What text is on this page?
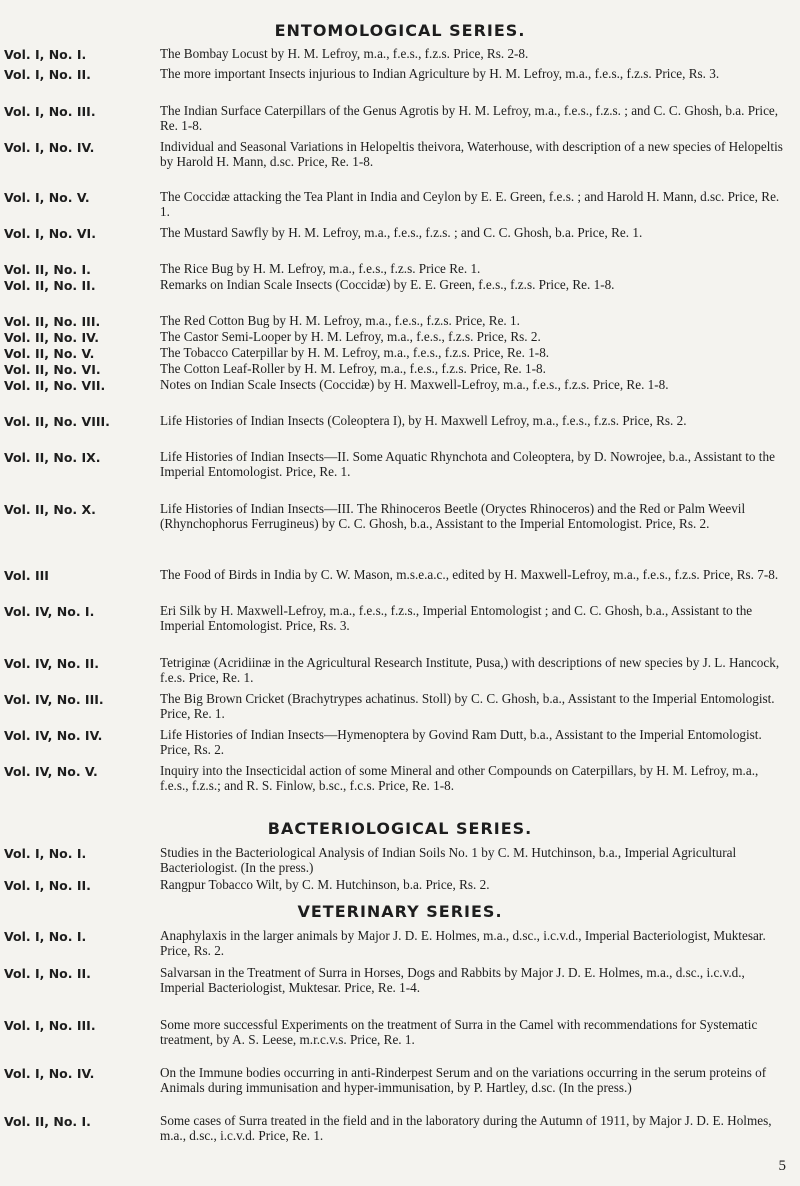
ENTOMOLOGICAL SERIES.
Vol. I, No. I.	The Bombay Locust by H. M. Lefroy, m.a., f.e.s., f.z.s. Price, Rs. 2-8.
Vol. I, No. II.	The more important Insects injurious to Indian Agriculture by H. M. Lefroy, m.a., f.e.s., f.z.s. Price, Rs. 3.
Vol. I, No. III.	The Indian Surface Caterpillars of the Genus Agrotis by H. M. Lefroy, m.a., f.e.s., f.z.s. ; and C. C. Ghosh, b.a. Price, Re. 1-8.
Vol. I, No. IV.	Individual and Seasonal Variations in Helopeltis theivora, Waterhouse, with description of a new species of Helopeltis by Harold H. Mann, d.sc. Price, Re. 1-8.
Vol. I, No. V.	The Coccidæ attacking the Tea Plant in India and Ceylon by E. E. Green, f.e.s. ; and Harold H. Mann, d.sc. Price, Re. 1.
Vol. I, No. VI.	The Mustard Sawfly by H. M. Lefroy, m.a., f.e.s., f.z.s. ; and C. C. Ghosh, b.a. Price, Re. 1.
Vol. II, No. I.	The Rice Bug by H. M. Lefroy, m.a., f.e.s., f.z.s. Price Re. 1.
Vol. II, No. II.	Remarks on Indian Scale Insects (Coccidæ) by E. E. Green, f.e.s., f.z.s. Price, Re. 1-8.
Vol. II, No. III.	The Red Cotton Bug by H. M. Lefroy, m.a., f.e.s., f.z.s. Price, Re. 1.
Vol. II, No. IV.	The Castor Semi-Looper by H. M. Lefroy, m.a., f.e.s., f.z.s. Price, Rs. 2.
Vol. II, No. V.	The Tobacco Caterpillar by H. M. Lefroy, m.a., f.e.s., f.z.s. Price, Re. 1-8.
Vol. II, No. VI.	The Cotton Leaf-Roller by H. M. Lefroy, m.a., f.e.s., f.z.s. Price, Re. 1-8.
Vol. II, No. VII.	Notes on Indian Scale Insects (Coccidæ) by H. Maxwell-Lefroy, m.a., f.e.s., f.z.s. Price, Re. 1-8.
Vol. II, No. VIII.	Life Histories of Indian Insects (Coleoptera I), by H. Maxwell Lefroy, m.a., f.e.s., f.z.s. Price, Rs. 2.
Vol. II, No. IX.	Life Histories of Indian Insects—II. Some Aquatic Rhynchota and Coleoptera, by D. Nowrojee, b.a., Assistant to the Imperial Entomologist. Price, Re. 1.
Vol. II, No. X.	Life Histories of Indian Insects—III. The Rhinoceros Beetle (Oryctes Rhinoceros) and the Red or Palm Weevil (Rhynchophorus Ferrugineus) by C. C. Ghosh, b.a., Assistant to the Imperial Entomologist. Price, Rs. 2.
Vol. III	The Food of Birds in India by C. W. Mason, m.s.e.a.c., edited by H. Maxwell-Lefroy, m.a., f.e.s., f.z.s. Price, Rs. 7-8.
Vol. IV, No. I.	Eri Silk by H. Maxwell-Lefroy, m.a., f.e.s., f.z.s., Imperial Entomologist ; and C. C. Ghosh, b.a., Assistant to the Imperial Entomologist. Price, Rs. 3.
Vol. IV, No. II.	Tetriginæ (Acridiinæ in the Agricultural Research Institute, Pusa,) with descriptions of new species by J. L. Hancock, f.e.s. Price, Re. 1.
Vol. IV, No. III.	The Big Brown Cricket (Brachytrypes achatinus. Stoll) by C. C. Ghosh, b.a., Assistant to the Imperial Entomologist. Price, Re. 1.
Vol. IV, No. IV.	Life Histories of Indian Insects—Hymenoptera by Govind Ram Dutt, b.a., Assistant to the Imperial Entomologist. Price, Rs. 2.
Vol. IV, No. V.	Inquiry into the Insecticidal action of some Mineral and other Compounds on Caterpillars, by H. M. Lefroy, m.a., f.e.s., f.z.s.; and R. S. Finlow, b.sc., f.c.s. Price, Re. 1-8.
BACTERIOLOGICAL SERIES.
Vol. I, No. I.	Studies in the Bacteriological Analysis of Indian Soils No. 1 by C. M. Hutchinson, b.a., Imperial Agricultural Bacteriologist. (In the press.)
Vol. I, No. II.	Rangpur Tobacco Wilt, by C. M. Hutchinson, b.a. Price, Rs. 2.
VETERINARY SERIES.
Vol. I, No. I.	Anaphylaxis in the larger animals by Major J. D. E. Holmes, m.a., d.sc., i.c.v.d., Imperial Bacteriologist, Muktesar. Price, Rs. 2.
Vol. I, No. II.	Salvarsan in the Treatment of Surra in Horses, Dogs and Rabbits by Major J. D. E. Holmes, m.a., d.sc., i.c.v.d., Imperial Bacteriologist, Muktesar. Price, Re. 1-4.
Vol. I, No. III.	Some more successful Experiments on the treatment of Surra in the Camel with recommendations for Systematic treatment, by A. S. Leese, m.r.c.v.s. Price, Re. 1.
Vol. I, No. IV.	On the Immune bodies occurring in anti-Rinderpest Serum and on the variations occurring in the serum proteins of Animals during immunisation and hyper-immunisation, by P. Hartley, d.sc. (In the press.)
Vol. II, No. I.	Some cases of Surra treated in the field and in the laboratory during the Autumn of 1911, by Major J. D. E. Holmes, m.a., d.sc., i.c.v.d. Price, Re. 1.
5
